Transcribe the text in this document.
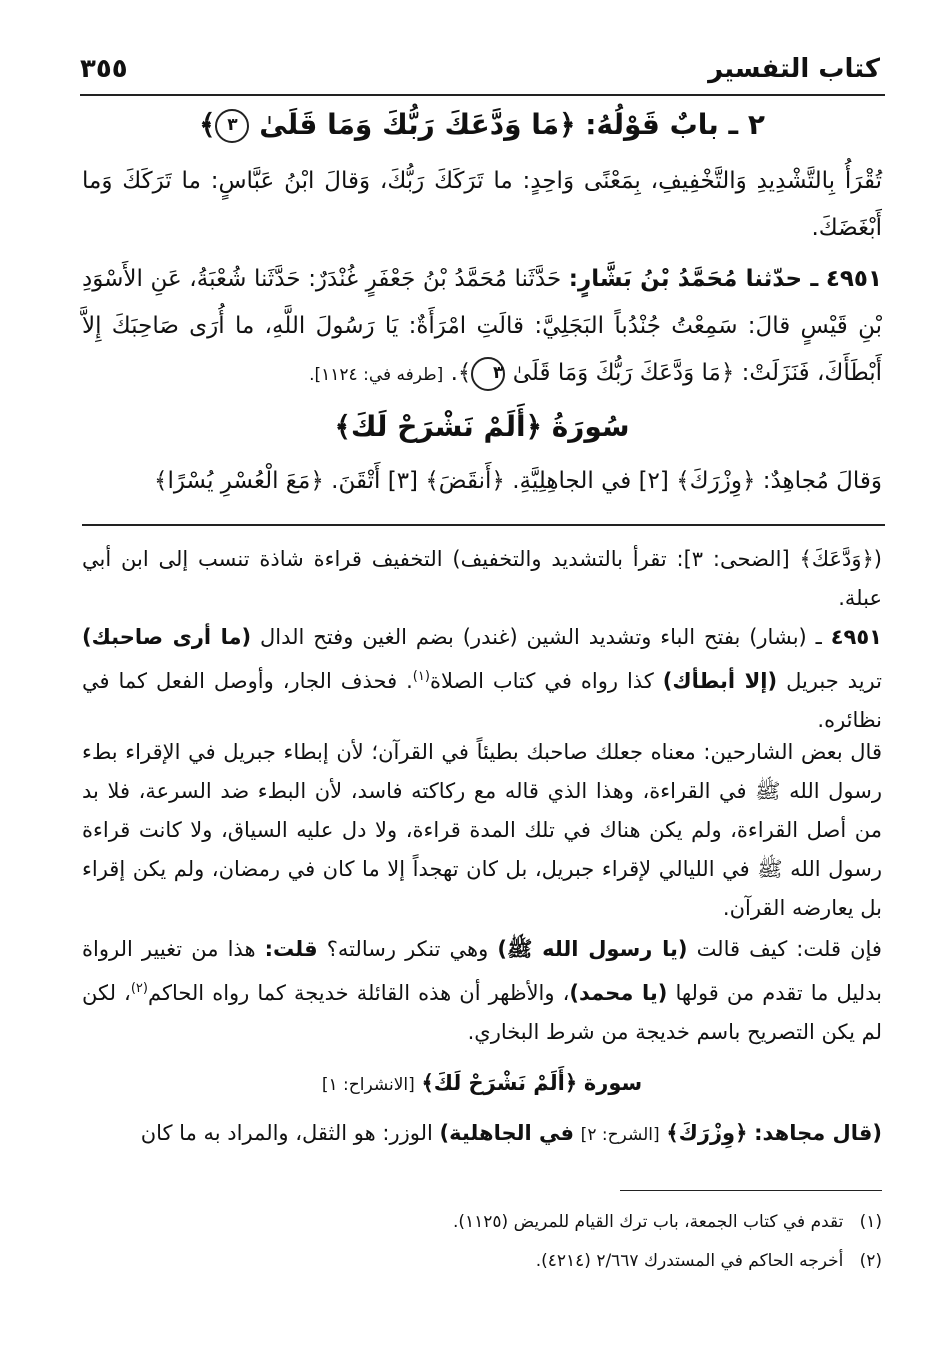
كتاب التفسير
٣٥٥
٢ ـ بابٌ قَوْلُهُ: ﴿مَا وَدَّعَكَ رَبُّكَ وَمَا قَلَىٰ ٣﴾
تُقْرَأُ بِالتَّشْدِيدِ وَالتَّخْفِيفِ، بِمَعْنًى وَاحِدٍ: ما تَرَكَكَ رَبُّكَ، وَقالَ ابْنُ عَبَّاسٍ: ما تَرَكَكَ وَما أَبْغَضَكَ.
٤٩٥١ ـ حدّثنا مُحَمَّدُ بْنُ بَشَّارٍ: حَدَّثَنا مُحَمَّدُ بْنُ جَعْفَرٍ غُنْدَرٌ: حَدَّثَنا شُعْبَةُ، عَنِ الأَسْوَدِ بْنِ قَيْسٍ قالَ: سَمِعْتُ جُنْدُباً البَجَلِيَّ: قالَتِ امْرَأَةٌ: يَا رَسُولَ اللَّهِ، ما أُرَى صَاحِبَكَ إِلاَّ أَبْطَأَكَ، فَنَزَلَتْ: ﴿مَا وَدَّعَكَ رَبُّكَ وَمَا قَلَىٰ ٣﴾. [طرفه في: ١١٢٤].
سُورَةُ ﴿أَلَمْ نَشْرَحْ لَكَ﴾
وَقالَ مُجاهِدٌ: ﴿وِزْرَكَ﴾ [٢] في الجاهِلِيَّةِ. ﴿أَنقَضَ﴾ [٣] أَتْقَنَ. ﴿مَعَ الْعُسْرِ يُسْرًا﴾
(﴿وَدَّعَكَ﴾ [الضحى: ٣]: تقرأ بالتشديد والتخفيف) التخفيف قراءة شاذة تنسب إلى ابن أبي عبلة.
٤٩٥١ ـ (بشار) بفتح الباء وتشديد الشين (غندر) بضم الغين وفتح الدال (ما أرى صاحبك) تريد جبريل (إلا أبطأك) كذا رواه في كتاب الصلاة$^{(١)}$. فحذف الجار، وأوصل الفعل كما في نظائره.
قال بعض الشارحين: معناه جعلك صاحبك بطيئاً في القرآن؛ لأن إبطاء جبريل في الإقراء بطء رسول الله ﷺ في القراءة، وهذا الذي قاله مع ركاكته فاسد، لأن البطء ضد السرعة، فلا بد من أصل القراءة، ولم يكن هناك في تلك المدة قراءة، ولا دل عليه السياق، ولا كانت قراءة رسول الله ﷺ في الليالي لإقراء جبريل، بل كان تهجداً إلا ما كان في رمضان، ولم يكن إقراء بل يعارضه القرآن.
فإن قلت: كيف قالت (يا رسول الله ﷺ) وهي تنكر رسالته؟ قلت: هذا من تغيير الرواة بدليل ما تقدم من قولها (يا محمد)، والأظهر أن هذه القائلة خديجة كما رواه الحاكم$^{(٢)}$، لكن لم يكن التصريح باسم خديجة من شرط البخاري.
سورة ﴿أَلَمْ نَشْرَحْ لَكَ﴾ [الانشراح: ١]
(قال مجاهد: ﴿وِزْرَكَ﴾ [الشرح: ٢] في الجاهلية) الوزر: هو الثقل، والمراد به ما كان
(١)   تقدم في كتاب الجمعة، باب ترك القيام للمريض (١١٢٥).
(٢)   أخرجه الحاكم في المستدرك ٢/٦٦٧ (٤٢١٤).
